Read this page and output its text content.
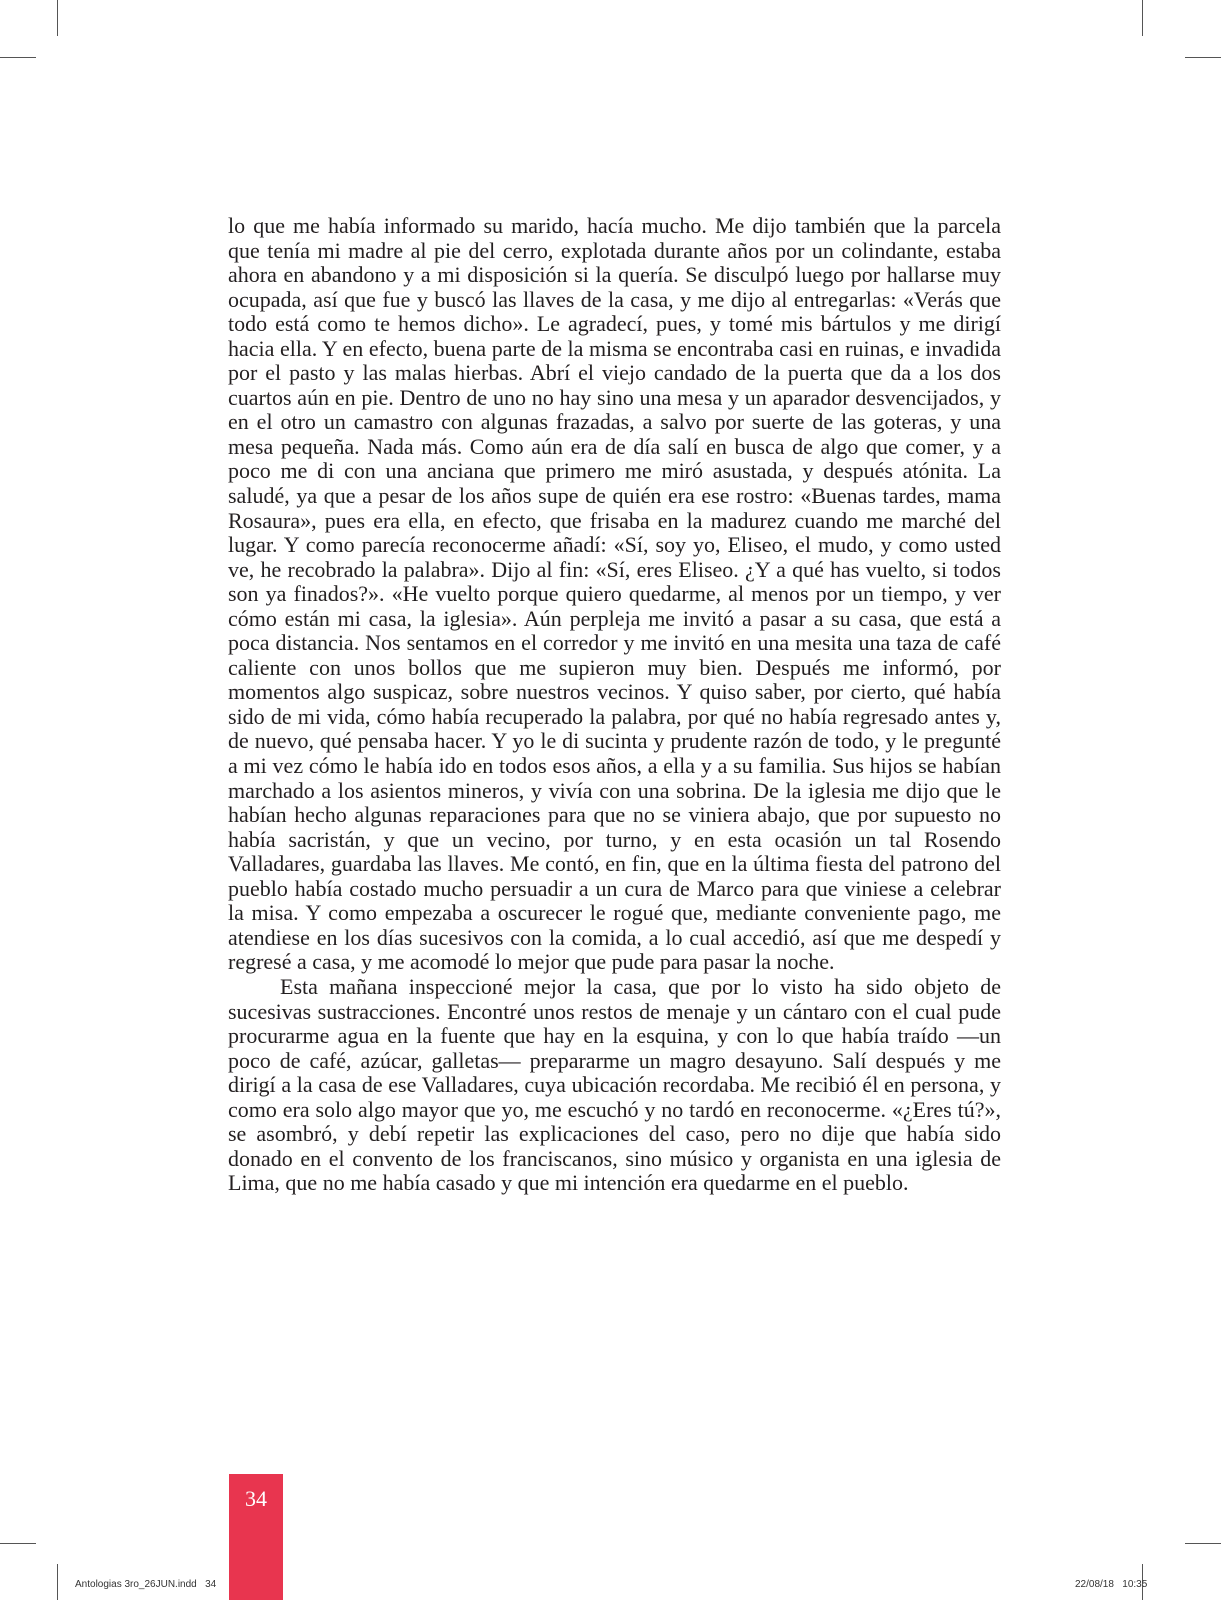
lo que me había informado su marido, hacía mucho. Me dijo también que la parcela que tenía mi madre al pie del cerro, explotada durante años por un colindante, estaba ahora en abandono y a mi disposición si la quería. Se disculpó luego por hallarse muy ocupada, así que fue y buscó las llaves de la casa, y me dijo al entregarlas: «Verás que todo está como te hemos dicho». Le agradecí, pues, y tomé mis bártulos y me dirigí hacia ella. Y en efecto, buena parte de la misma se encontraba casi en ruinas, e invadida por el pasto y las malas hierbas. Abrí el viejo candado de la puerta que da a los dos cuartos aún en pie. Dentro de uno no hay sino una mesa y un aparador desvencijados, y en el otro un camastro con algunas frazadas, a salvo por suerte de las goteras, y una mesa pequeña. Nada más. Como aún era de día salí en busca de algo que comer, y a poco me di con una anciana que primero me miró asustada, y después atónita. La saludé, ya que a pesar de los años supe de quién era ese rostro: «Buenas tardes, mama Rosaura», pues era ella, en efecto, que frisaba en la madurez cuando me marché del lugar. Y como parecía reconocerme añadí: «Sí, soy yo, Eliseo, el mudo, y como usted ve, he recobrado la palabra». Dijo al fin: «Sí, eres Eliseo. ¿Y a qué has vuelto, si todos son ya finados?». «He vuelto porque quiero quedarme, al menos por un tiempo, y ver cómo están mi casa, la iglesia». Aún perpleja me invitó a pasar a su casa, que está a poca distancia. Nos sentamos en el corredor y me invitó en una mesita una taza de café caliente con unos bollos que me supieron muy bien. Después me informó, por momentos algo suspicaz, sobre nuestros vecinos. Y quiso saber, por cierto, qué había sido de mi vida, cómo había recuperado la palabra, por qué no había regresado antes y, de nuevo, qué pensaba hacer. Y yo le di sucinta y prudente razón de todo, y le pregunté a mi vez cómo le había ido en todos esos años, a ella y a su familia. Sus hijos se habían marchado a los asientos mineros, y vivía con una sobrina. De la iglesia me dijo que le habían hecho algunas reparaciones para que no se viniera abajo, que por supuesto no había sacristán, y que un vecino, por turno, y en esta ocasión un tal Rosendo Valladares, guardaba las llaves. Me contó, en fin, que en la última fiesta del patrono del pueblo había costado mucho persuadir a un cura de Marco para que viniese a celebrar la misa. Y como empezaba a oscurecer le rogué que, mediante conveniente pago, me atendiese en los días sucesivos con la comida, a lo cual accedió, así que me despedí y regresé a casa, y me acomodé lo mejor que pude para pasar la noche.

Esta mañana inspeccioné mejor la casa, que por lo visto ha sido objeto de sucesivas sustracciones. Encontré unos restos de menaje y un cántaro con el cual pude procurarme agua en la fuente que hay en la esquina, y con lo que había traído —un poco de café, azúcar, galletas— prepararme un magro desayuno. Salí después y me dirigí a la casa de ese Valladares, cuya ubicación recordaba. Me recibió él en persona, y como era solo algo mayor que yo, me escuchó y no tardó en reconocerme. «¿Eres tú?», se asombró, y debí repetir las explicaciones del caso, pero no dije que había sido donado en el convento de los franciscanos, sino músico y organista en una iglesia de Lima, que no me había casado y que mi intención era quedarme en el pueblo.

34
Antologias 3ro_26JUN.indd   34	22/08/18   10:35
